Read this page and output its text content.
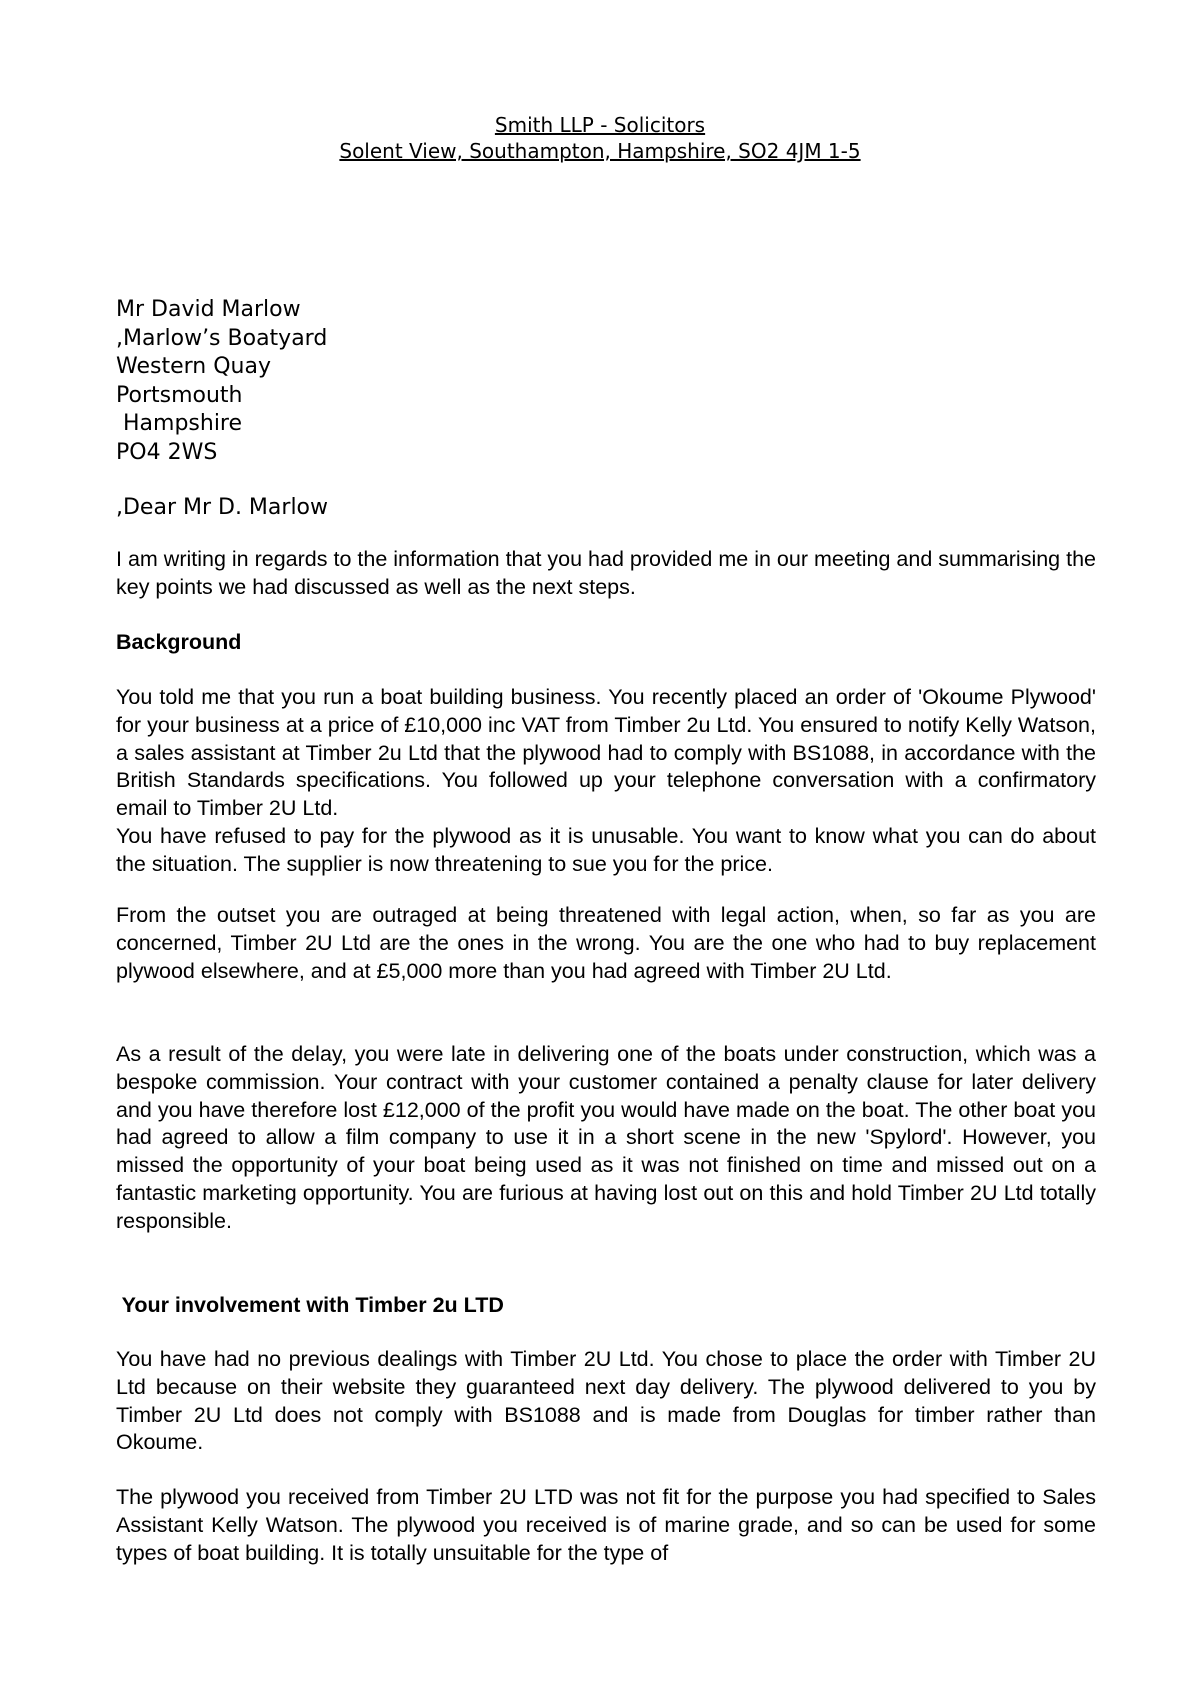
Smith LLP - Solicitors
Solent View, Southampton, Hampshire, SO2 4JM 1-5
Mr David Marlow
,Marlow’s Boatyard
Western Quay
Portsmouth
Hampshire
PO4 2WS
,Dear Mr D. Marlow

I am writing in regards to the information that you had provided me in our meeting and summarising the key points we had discussed as well as the next steps.

Background

You told me that you run a boat building business. You recently placed an order of 'Okoume Plywood' for your business at a price of £10,000 inc VAT from Timber 2u Ltd. You ensured to notify Kelly Watson, a sales assistant at Timber 2u Ltd that the plywood had to comply with BS1088, in accordance with the British Standards specifications. You followed up your telephone conversation with a confirmatory email to Timber 2U Ltd.

You have refused to pay for the plywood as it is unusable. You want to know what you can do about the situation. The supplier is now threatening to sue you for the price.

From the outset you are outraged at being threatened with legal action, when, so far as you are concerned, Timber 2U Ltd are the ones in the wrong. You are the one who had to buy replacement plywood elsewhere, and at £5,000 more than you had agreed with Timber 2U Ltd.

As a result of the delay, you were late in delivering one of the boats under construction, which was a bespoke commission. Your contract with your customer contained a penalty clause for later delivery and you have therefore lost £12,000 of the profit you would have made on the boat. The other boat you had agreed to allow a film company to use it in a short scene in the new 'Spylord'. However, you missed the opportunity of your boat being used as it was not finished on time and missed out on a fantastic marketing opportunity. You are furious at having lost out on this and hold Timber 2U Ltd totally responsible.

Your involvement with Timber 2u LTD

You have had no previous dealings with Timber 2U Ltd. You chose to place the order with Timber 2U Ltd because on their website they guaranteed next day delivery. The plywood delivered to you by Timber 2U Ltd does not comply with BS1088 and is made from Douglas for timber rather than Okoume.

The plywood you received from Timber 2U LTD was not fit for the purpose you had specified to Sales Assistant Kelly Watson. The plywood you received is of marine grade, and so can be used for some types of boat building. It is totally unsuitable for the type of
